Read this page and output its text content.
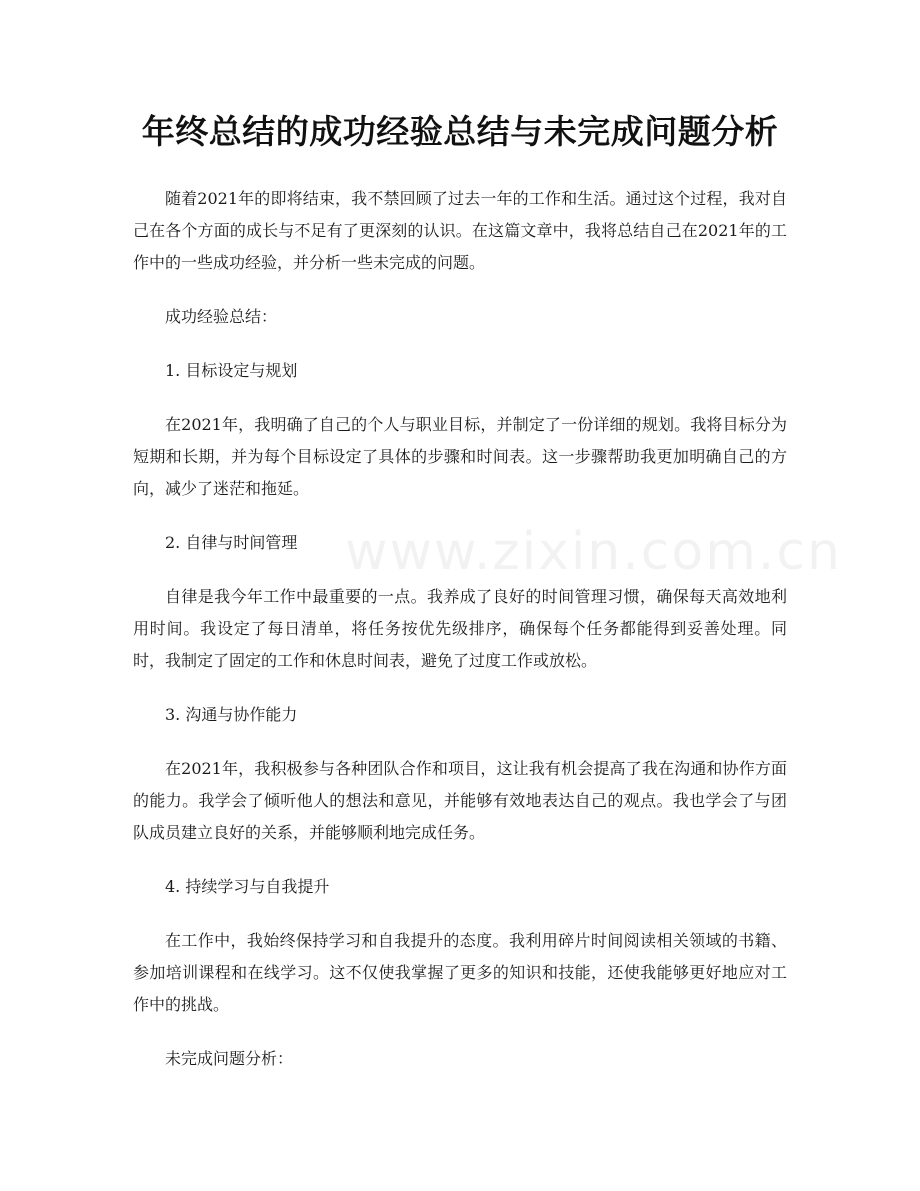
年终总结的成功经验总结与未完成问题分析

随着2021年的即将结束，我不禁回顾了过去一年的工作和生活。通过这个过程，我对自己在各个方面的成长与不足有了更深刻的认识。在这篇文章中，我将总结自己在2021年的工作中的一些成功经验，并分析一些未完成的问题。

成功经验总结：

1. 目标设定与规划

在2021年，我明确了自己的个人与职业目标，并制定了一份详细的规划。我将目标分为短期和长期，并为每个目标设定了具体的步骤和时间表。这一步骤帮助我更加明确自己的方向，减少了迷茫和拖延。

2. 自律与时间管理

自律是我今年工作中最重要的一点。我养成了良好的时间管理习惯，确保每天高效地利用时间。我设定了每日清单，将任务按优先级排序，确保每个任务都能得到妥善处理。同时，我制定了固定的工作和休息时间表，避免了过度工作或放松。

3. 沟通与协作能力

在2021年，我积极参与各种团队合作和项目，这让我有机会提高了我在沟通和协作方面的能力。我学会了倾听他人的想法和意见，并能够有效地表达自己的观点。我也学会了与团队成员建立良好的关系，并能够顺利地完成任务。

4. 持续学习与自我提升

在工作中，我始终保持学习和自我提升的态度。我利用碎片时间阅读相关领域的书籍、参加培训课程和在线学习。这不仅使我掌握了更多的知识和技能，还使我能够更好地应对工作中的挑战。

未完成问题分析：

www.zixin.com.cn
